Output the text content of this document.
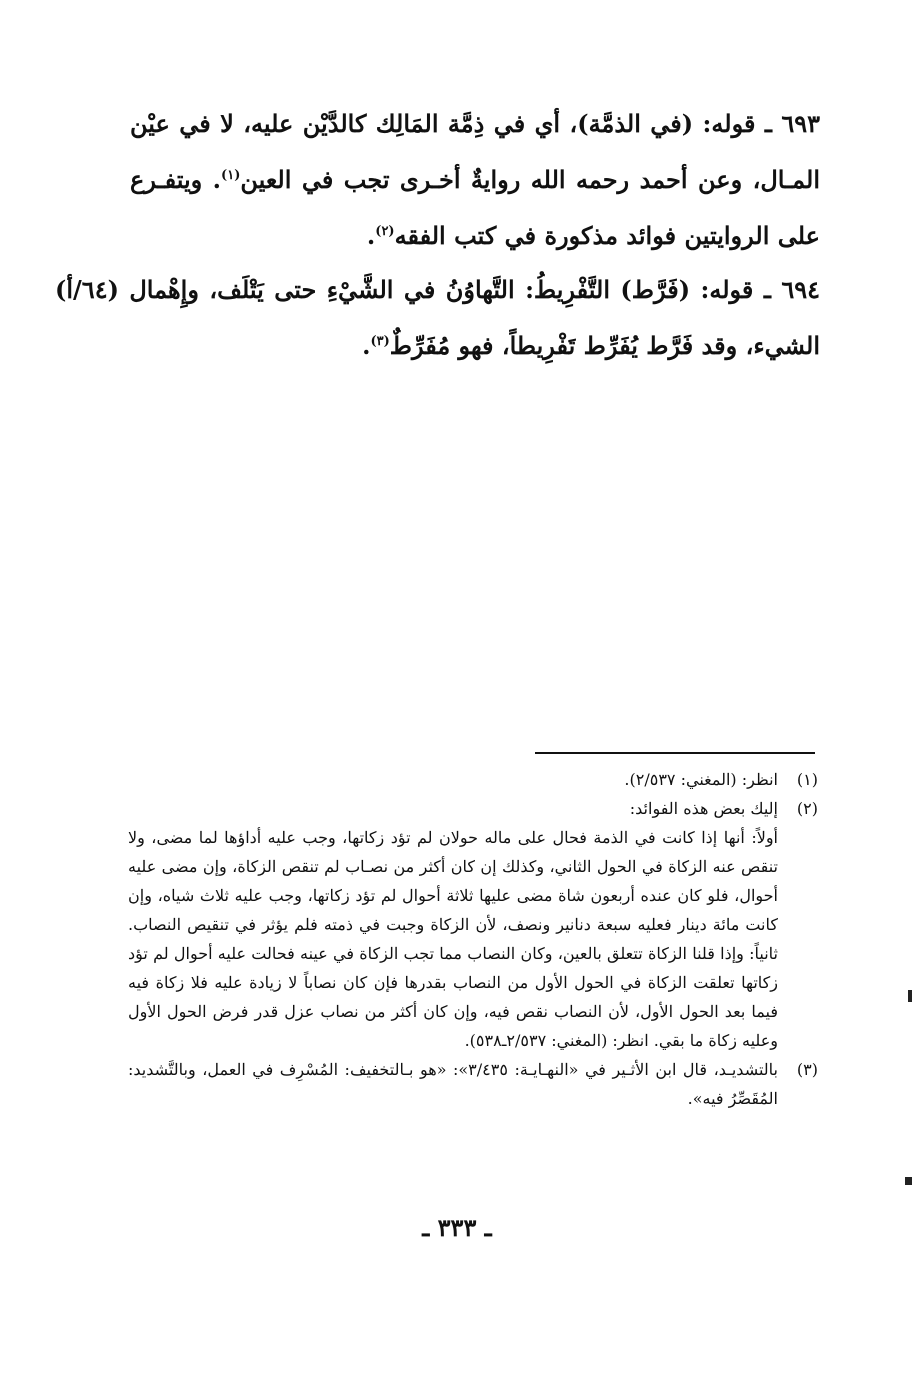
٦٩٣ ـ قوله: (في الذمَّة)، أي في ذِمَّة المَالِك كالدَّيْن عليه، لا في عيْن المـال، وعن أحمد رحمه الله روايةٌ أخـرى تجب في العين$^{(١)}$. ويتفـرع على الروايتين فوائد مذكورة في كتب الفقه$^{(٢)}$.

٦٩٤ ـ قوله: (فَرَّط) التَّفْرِيطُ: التَّهاوُنُ في الشَّيْءِ حتى يَتْلَف، وإِهْمال (٦٤/أ) الشيء، وقد فَرَّط يُفَرِّط تَفْرِيطاً، فهو مُفَرِّطٌ$^{(٣)}$.

(١)
انظر: (المغني: ٢/٥٣٧).
(٢)
إليك بعض هذه الفوائد:

أولاً: أنها إذا كانت في الذمة فحال على ماله حولان لم تؤد زكاتها، وجب عليه أداؤها لما مضى، ولا تنقص عنه الزكاة في الحول الثاني، وكذلك إن كان أكثر من نصـاب لم تنقص الزكاة، وإن مضى عليه أحوال، فلو كان عنده أربعون شاة مضى عليها ثلاثة أحوال لم تؤد زكاتها، وجب عليه ثلاث شياه، وإن كانت مائة دينار فعليه سبعة دنانير ونصف، لأن الزكاة وجبت في ذمته فلم يؤثر في تنقيص النصاب. ثانياً: وإذا قلنا الزكاة تتعلق بالعين، وكان النصاب مما تجب الزكاة في عينه فحالت عليه أحوال لم تؤد زكاتها تعلقت الزكاة في الحول الأول من النصاب بقدرها فإن كان نصاباً لا زيادة عليه فلا زكاة فيه فيما بعد الحول الأول، لأن النصاب نقص فيه، وإن كان أكثر من نصاب عزل قدر فرض الحول الأول وعليه زكاة ما بقي. انظر: (المغني: ٢/٥٣٧ـ٥٣٨).

(٣)
بالتشديـد، قال ابن الأثـير في «النهـايـة: ٣/٤٣٥»: «هو بـالتخفيف: المُسْرِف في العمل، وبالتَّشديد: المُقَصِّرُ فيه».
ـ ٣٣٣ ـ
